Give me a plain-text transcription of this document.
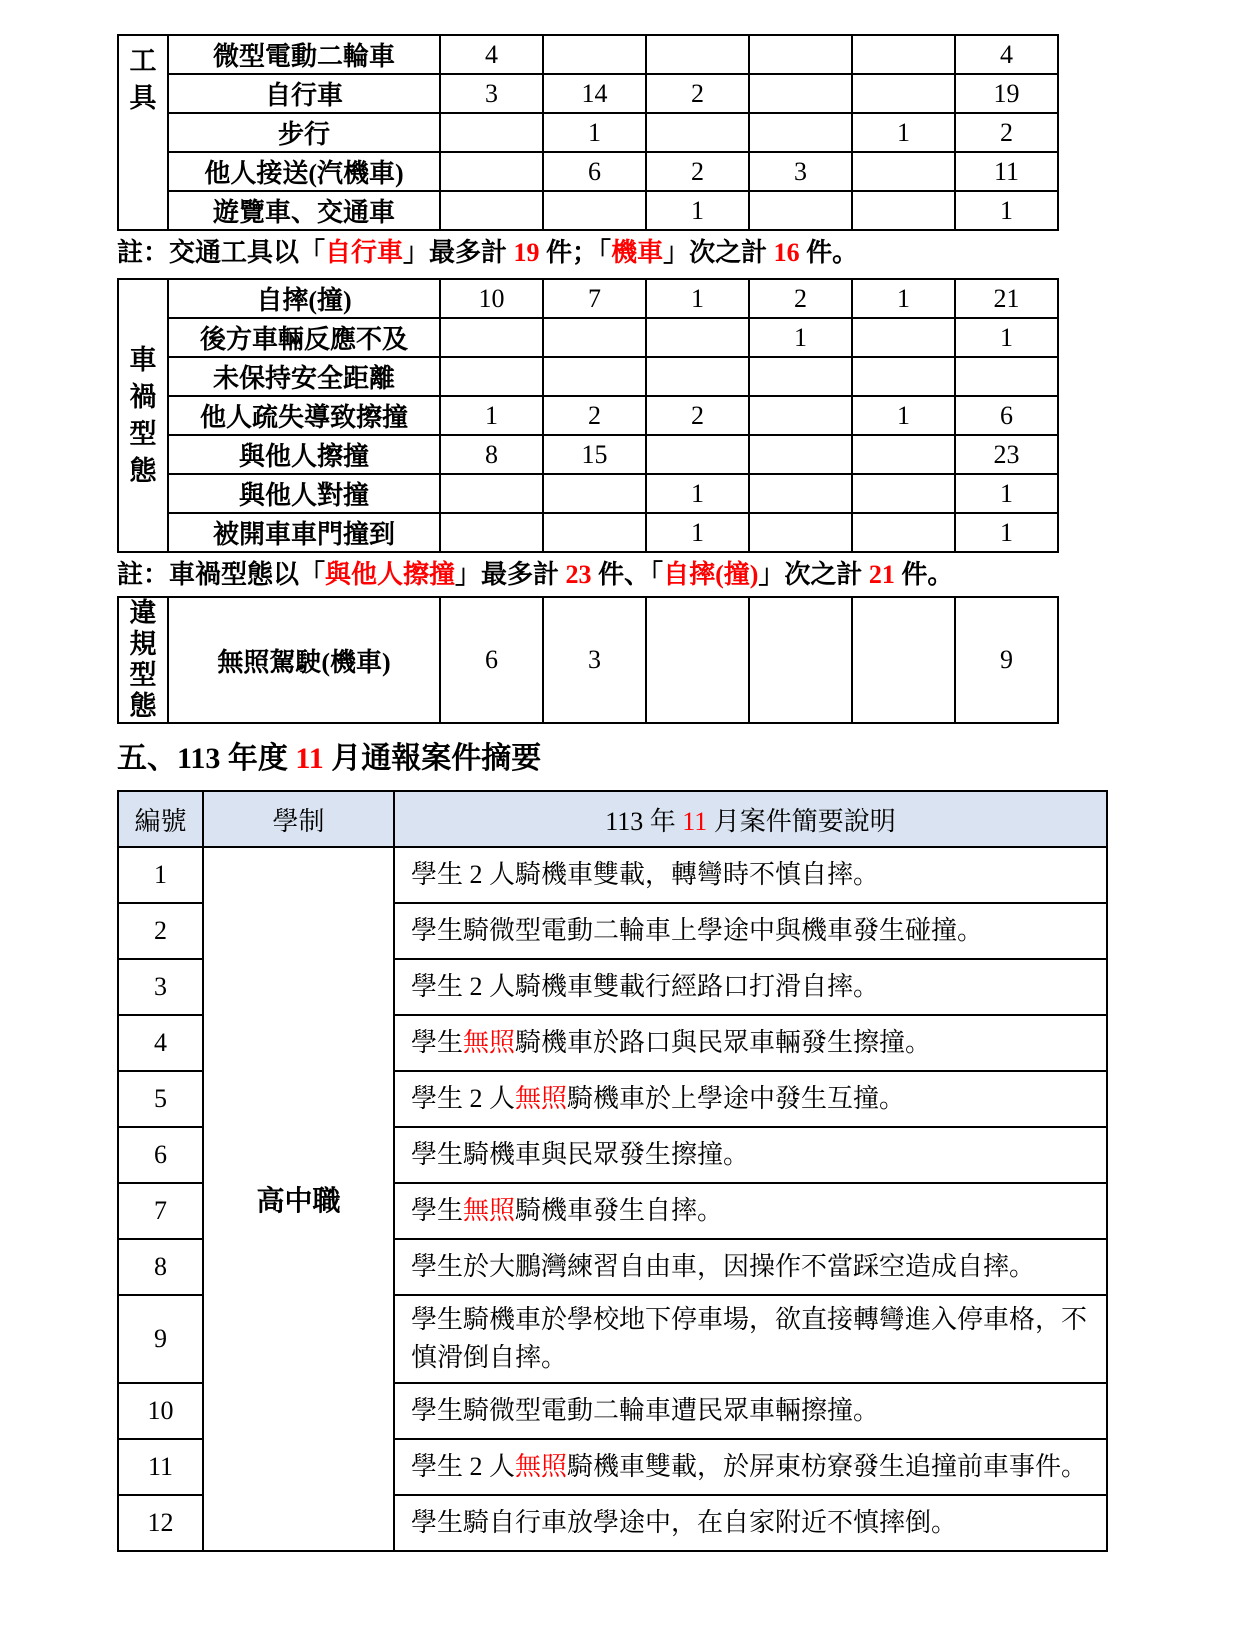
工
具	微型電動二輪車	4					4
	自行車	3	14	2			19
	步行		1			1	2
	他人接送(汽機車)		6	2	3		11
	遊覽車、交通車			1			1

註：交通工具以「自行車」最多計 19 件；「機車」次之計 16 件。

車
禍
型
態	自摔(撞)	10	7	1	2	1	21
	後方車輛反應不及				1		1
	未保持安全距離						
	他人疏失導致擦撞	1	2	2		1	6
	與他人擦撞	8	15				23
	與他人對撞			1			1
	被開車車門撞到			1			1

註：車禍型態以「與他人擦撞」最多計 23 件、「自摔(撞)」次之計 21 件。

違
規
型
態
	無照駕駛(機車)	6	3				9
五、113 年度 11 月通報案件摘要
編號	學制	113 年 11 月案件簡要說明
1	高中職	學生 2 人騎機車雙載，轉彎時不慎自摔。
2		學生騎微型電動二輪車上學途中與機車發生碰撞。
3		學生 2 人騎機車雙載行經路口打滑自摔。
4		學生無照騎機車於路口與民眾車輛發生擦撞。
5		學生 2 人無照騎機車於上學途中發生互撞。
6		學生騎機車與民眾發生擦撞。
7		學生無照騎機車發生自摔。
8		學生於大鵬灣練習自由車，因操作不當踩空造成自摔。
9		學生騎機車於學校地下停車場，欲直接轉彎進入停車格，不慎滑倒自摔。
10		學生騎微型電動二輪車遭民眾車輛擦撞。
11		學生 2 人無照騎機車雙載，於屏東枋寮發生追撞前車事件。
12		學生騎自行車放學途中，在自家附近不慎摔倒。
